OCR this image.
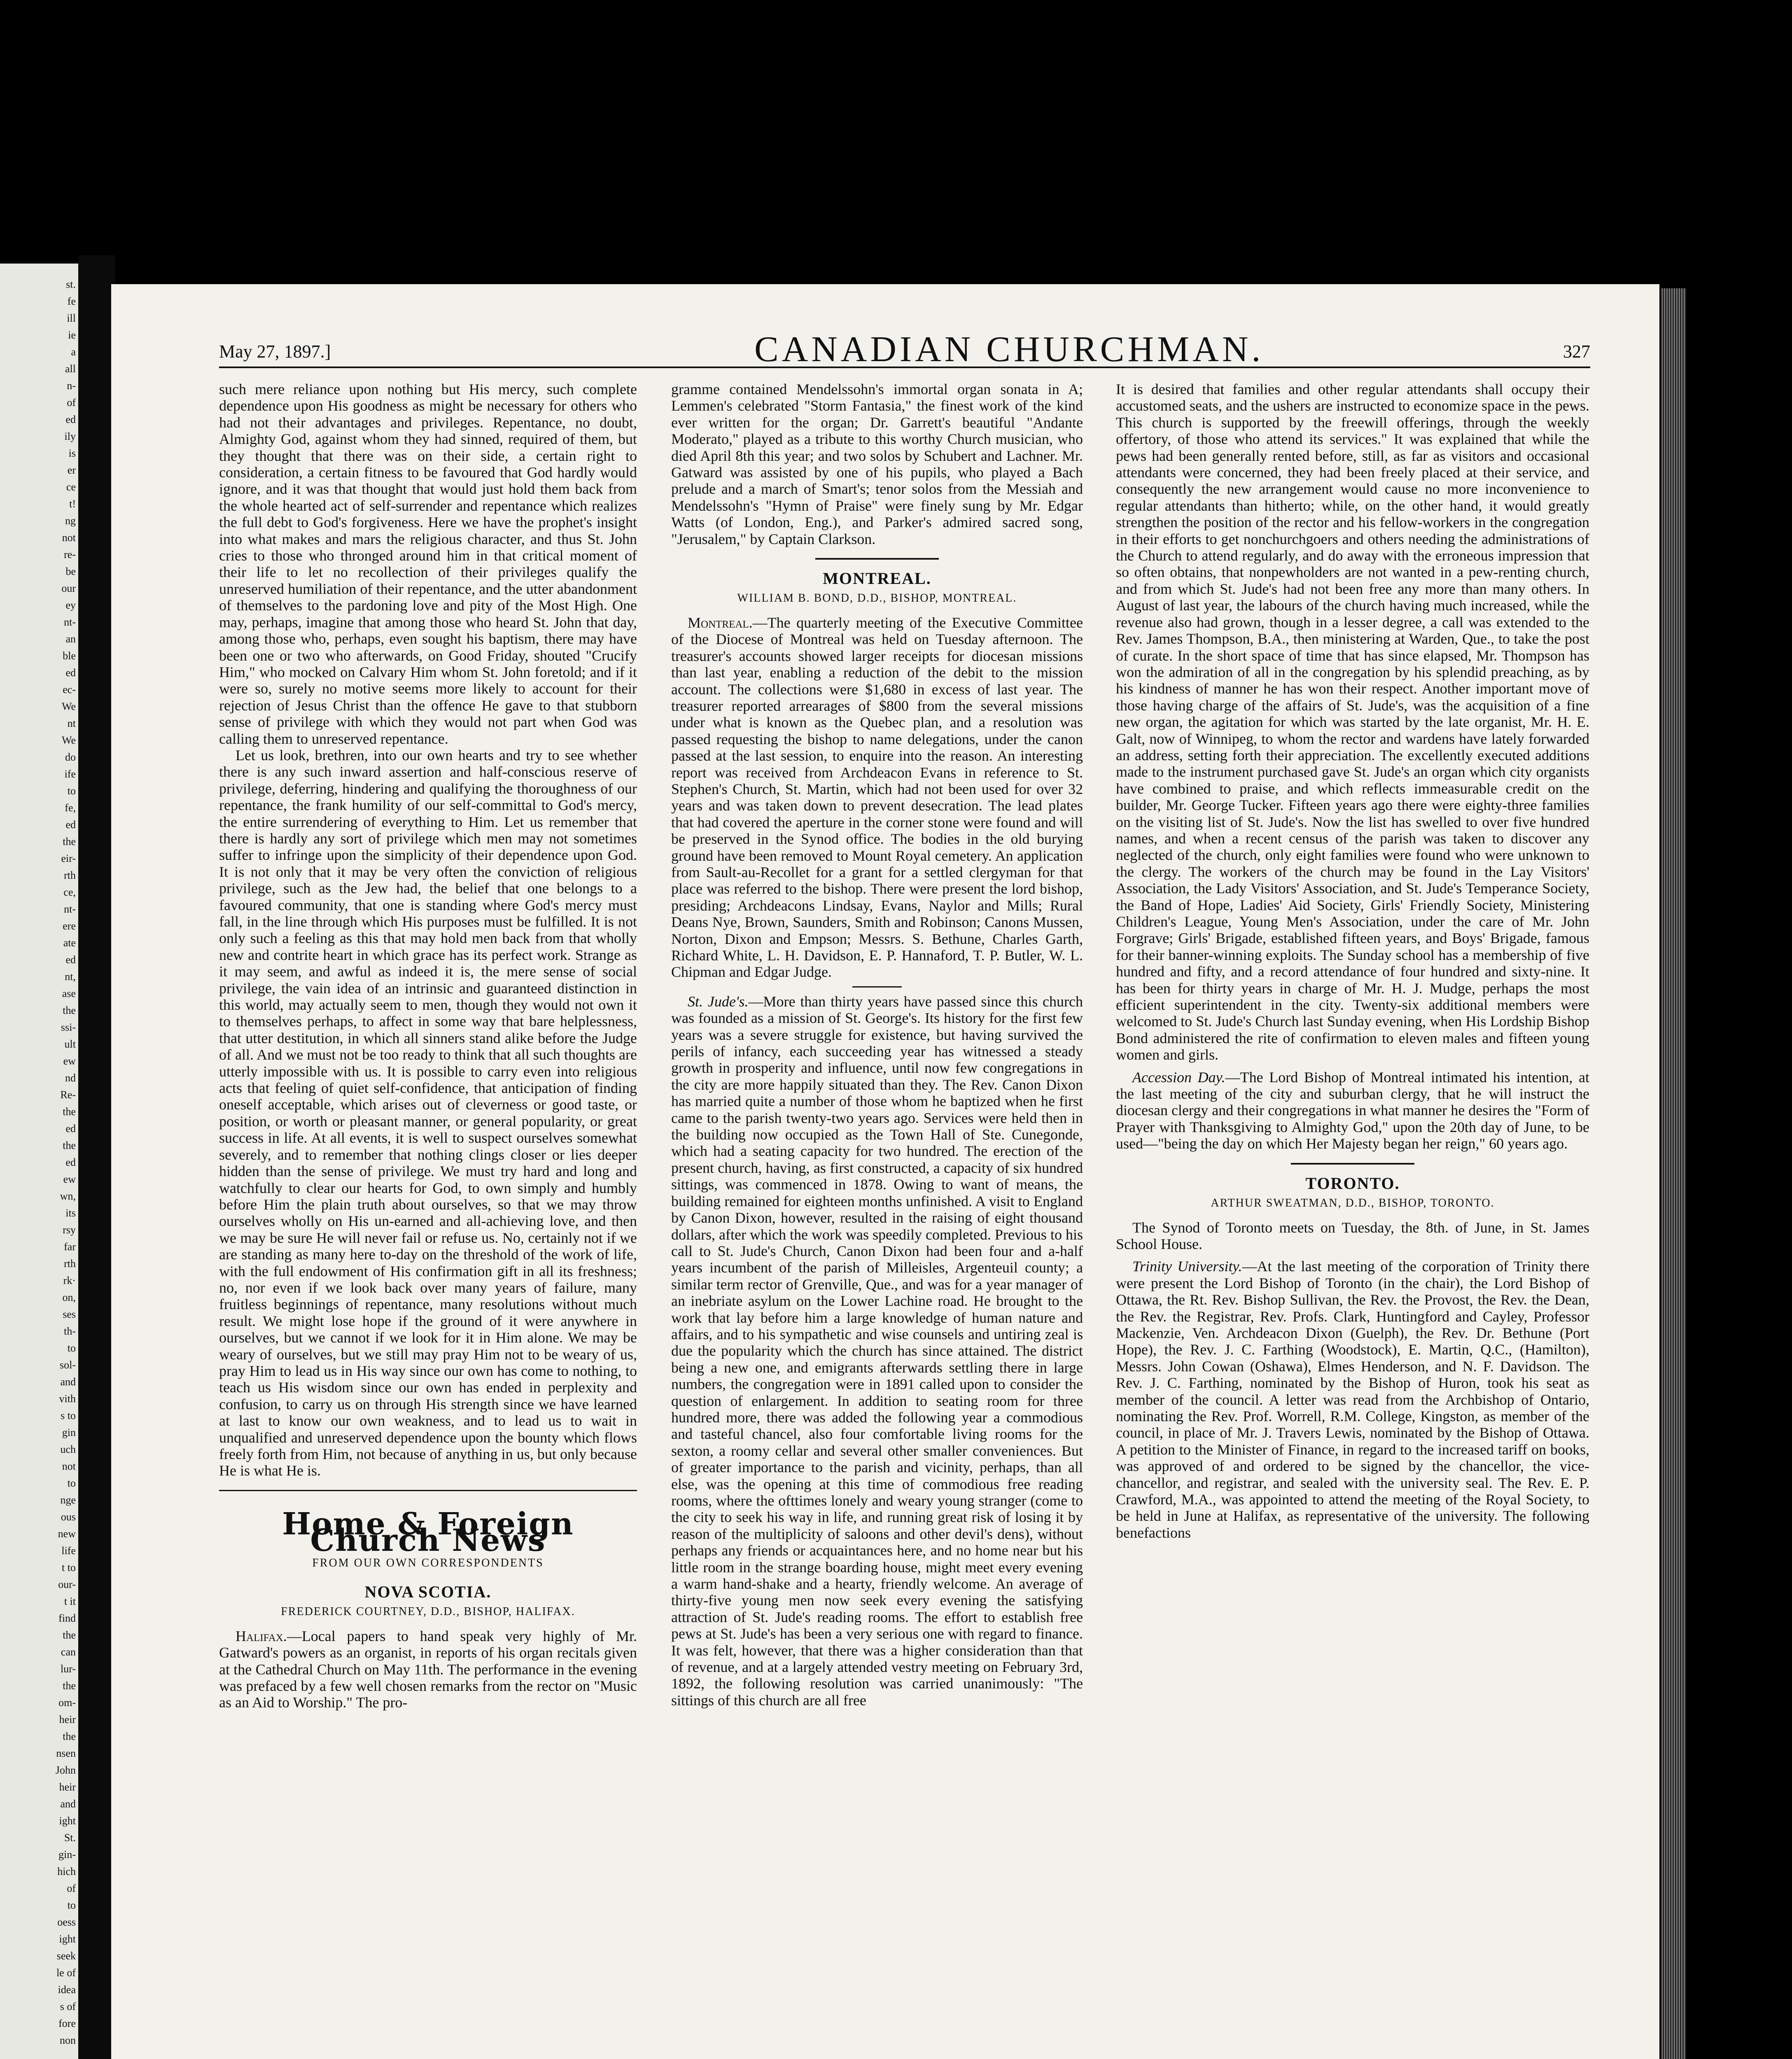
st.
fe
ill
ie
a
all
n-
of
ed
ily
is
er
ce
t!
ng
not
re-
be
our
ey
nt-
an
ble
ed
ec-
We
nt
We
do
ife
to
fe,
ed
the
eir-
rth
ce,
nt-
ere
ate
ed
nt,
ase
the
ssi-
ult
ew
nd
Re-
the
ed
the
ed
ew
wn,
its
rsy
far
rth
rk·
on,
ses
th-
to
sol-
and
vith
s to
gin
uch
not
to
nge
ous
new
life
t to
our-
t it
find
the
can
lur-
the
om-
heir
the
nsen
John
heir
and
ight
St.
gin-
hich
of
to
oess
ight
seek
le of
idea
s of
fore
non
May 27, 1897.]	CANADIAN CHURCHMAN.	327

such mere reliance upon nothing but His mercy, such complete dependence upon His goodness as might be necessary for others who had not their advantages and privileges. Repentance, no doubt, Almighty God, against whom they had sinned, required of them, but they thought that there was on their side, a certain right to consideration, a certain fitness to be favoured that God hardly would ignore, and it was that thought that would just hold them back from the whole hearted act of self-surrender and repentance which realizes the full debt to God's forgiveness. Here we have the prophet's insight into what makes and mars the religious character, and thus St. John cries to those who thronged around him in that critical moment of their life to let no recollection of their privileges qualify the unreserved humiliation of their repentance, and the utter abandonment of themselves to the pardoning love and pity of the Most High. One may, perhaps, imagine that among those who heard St. John that day, among those who, perhaps, even sought his baptism, there may have been one or two who afterwards, on Good Friday, shouted "Crucify Him," who mocked on Calvary Him whom St. John foretold; and if it were so, surely no motive seems more likely to account for their rejection of Jesus Christ than the offence He gave to that stubborn sense of privilege with which they would not part when God was calling them to unreserved repentance.

Let us look, brethren, into our own hearts and try to see whether there is any such inward assertion and half-conscious reserve of privilege, deferring, hindering and qualifying the thoroughness of our repentance, the frank humility of our self-committal to God's mercy, the entire surrendering of everything to Him. Let us remember that there is hardly any sort of privilege which men may not sometimes suffer to infringe upon the simplicity of their dependence upon God. It is not only that it may be very often the conviction of religious privilege, such as the Jew had, the belief that one belongs to a favoured community, that one is standing where God's mercy must fall, in the line through which His purposes must be fulfilled. It is not only such a feeling as this that may hold men back from that wholly new and contrite heart in which grace has its perfect work. Strange as it may seem, and awful as indeed it is, the mere sense of social privilege, the vain idea of an intrinsic and guaranteed distinction in this world, may actually seem to men, though they would not own it to themselves perhaps, to affect in some way that bare helplessness, that utter destitution, in which all sinners stand alike before the Judge of all. And we must not be too ready to think that all such thoughts are utterly impossible with us. It is possible to carry even into religious acts that feeling of quiet self-confidence, that anticipation of finding oneself acceptable, which arises out of cleverness or good taste, or position, or worth or pleasant manner, or general popularity, or great success in life. At all events, it is well to suspect ourselves somewhat severely, and to remember that nothing clings closer or lies deeper hidden than the sense of privilege. We must try hard and long and watchfully to clear our hearts for God, to own simply and humbly before Him the plain truth about ourselves, so that we may throw ourselves wholly on His un-earned and all-achieving love, and then we may be sure He will never fail or refuse us. No, certainly not if we are standing as many here to-day on the threshold of the work of life, with the full endowment of His confirmation gift in all its freshness; no, nor even if we look back over many years of failure, many fruitless beginnings of repentance, many resolutions without much result. We might lose hope if the ground of it were anywhere in ourselves, but we cannot if we look for it in Him alone. We may be weary of ourselves, but we still may pray Him not to be weary of us, pray Him to lead us in His way since our own has come to nothing, to teach us His wisdom since our own has ended in perplexity and confusion, to carry us on through His strength since we have learned at last to know our own weakness, and to lead us to wait in unqualified and unreserved dependence upon the bounty which flows freely forth from Him, not because of anything in us, but only because He is what He is.

Home & Foreign Church News
FROM OUR OWN CORRESPONDENTS
NOVA SCOTIA.
FREDERICK COURTNEY, D.D., BISHOP, HALIFAX.

Halifax.—Local papers to hand speak very highly of Mr. Gatward's powers as an organist, in reports of his organ recitals given at the Cathedral Church on May 11th. The performance in the evening was prefaced by a few well chosen remarks from the rector on "Music as an Aid to Worship." The pro-

gramme contained Mendelssohn's immortal organ sonata in A; Lemmen's celebrated "Storm Fantasia," the finest work of the kind ever written for the organ; Dr. Garrett's beautiful "Andante Moderato," played as a tribute to this worthy Church musician, who died April 8th this year; and two solos by Schubert and Lachner. Mr. Gatward was assisted by one of his pupils, who played a Bach prelude and a march of Smart's; tenor solos from the Messiah and Mendelssohn's "Hymn of Praise" were finely sung by Mr. Edgar Watts (of London, Eng.), and Parker's admired sacred song, "Jerusalem," by Captain Clarkson.

MONTREAL.
WILLIAM B. BOND, D.D., BISHOP, MONTREAL.

Montreal.—The quarterly meeting of the Executive Committee of the Diocese of Montreal was held on Tuesday afternoon. The treasurer's accounts showed larger receipts for diocesan missions than last year, enabling a reduction of the debit to the mission account. The collections were $1,680 in excess of last year. The treasurer reported arrearages of $800 from the several missions under what is known as the Quebec plan, and a resolution was passed requesting the bishop to name delegations, under the canon passed at the last session, to enquire into the reason. An interesting report was received from Archdeacon Evans in reference to St. Stephen's Church, St. Martin, which had not been used for over 32 years and was taken down to prevent desecration. The lead plates that had covered the aperture in the corner stone were found and will be preserved in the Synod office. The bodies in the old burying ground have been removed to Mount Royal cemetery. An application from Sault-au-Recollet for a grant for a settled clergyman for that place was referred to the bishop. There were present the lord bishop, presiding; Archdeacons Lindsay, Evans, Naylor and Mills; Rural Deans Nye, Brown, Saunders, Smith and Robinson; Canons Mussen, Norton, Dixon and Empson; Messrs. S. Bethune, Charles Garth, Richard White, L. H. Davidson, E. P. Hannaford, T. P. Butler, W. L. Chipman and Edgar Judge.

St. Jude's.—More than thirty years have passed since this church was founded as a mission of St. George's. Its history for the first few years was a severe struggle for existence, but having survived the perils of infancy, each succeeding year has witnessed a steady growth in prosperity and influence, until now few congregations in the city are more happily situated than they. The Rev. Canon Dixon has married quite a number of those whom he baptized when he first came to the parish twenty-two years ago. Services were held then in the building now occupied as the Town Hall of Ste. Cunegonde, which had a seating capacity for two hundred. The erection of the present church, having, as first constructed, a capacity of six hundred sittings, was commenced in 1878. Owing to want of means, the building remained for eighteen months unfinished. A visit to England by Canon Dixon, however, resulted in the raising of eight thousand dollars, after which the work was speedily completed. Previous to his call to St. Jude's Church, Canon Dixon had been four and a-half years incumbent of the parish of Milleisles, Argenteuil county; a similar term rector of Grenville, Que., and was for a year manager of an inebriate asylum on the Lower Lachine road. He brought to the work that lay before him a large knowledge of human nature and affairs, and to his sympathetic and wise counsels and untiring zeal is due the popularity which the church has since attained. The district being a new one, and emigrants afterwards settling there in large numbers, the congregation were in 1891 called upon to consider the question of enlargement. In addition to seating room for three hundred more, there was added the following year a commodious and tasteful chancel, also four comfortable living rooms for the sexton, a roomy cellar and several other smaller conveniences. But of greater importance to the parish and vicinity, perhaps, than all else, was the opening at this time of commodious free reading rooms, where the ofttimes lonely and weary young stranger (come to the city to seek his way in life, and running great risk of losing it by reason of the multiplicity of saloons and other devil's dens), without perhaps any friends or acquaintances here, and no home near but his little room in the strange boarding house, might meet every evening a warm hand-shake and a hearty, friendly welcome. An average of thirty-five young men now seek every evening the satisfying attraction of St. Jude's reading rooms. The effort to establish free pews at St. Jude's has been a very serious one with regard to finance. It was felt, however, that there was a higher consideration than that of revenue, and at a largely attended vestry meeting on February 3rd, 1892, the following resolution was carried unanimously: "The sittings of this church are all free

It is desired that families and other regular attendants shall occupy their accustomed seats, and the ushers are instructed to economize space in the pews. This church is supported by the freewill offerings, through the weekly offertory, of those who attend its services." It was explained that while the pews had been generally rented before, still, as far as visitors and occasional attendants were concerned, they had been freely placed at their service, and consequently the new arrangement would cause no more inconvenience to regular attendants than hitherto; while, on the other hand, it would greatly strengthen the position of the rector and his fellow-workers in the congregation in their efforts to get nonchurchgoers and others needing the administrations of the Church to attend regularly, and do away with the erroneous impression that so often obtains, that nonpewholders are not wanted in a pew-renting church, and from which St. Jude's had not been free any more than many others. In August of last year, the labours of the church having much increased, while the revenue also had grown, though in a lesser degree, a call was extended to the Rev. James Thompson, B.A., then ministering at Warden, Que., to take the post of curate. In the short space of time that has since elapsed, Mr. Thompson has won the admiration of all in the congregation by his splendid preaching, as by his kindness of manner he has won their respect. Another important move of those having charge of the affairs of St. Jude's, was the acquisition of a fine new organ, the agitation for which was started by the late organist, Mr. H. E. Galt, now of Winnipeg, to whom the rector and wardens have lately forwarded an address, setting forth their appreciation. The excellently executed additions made to the instrument purchased gave St. Jude's an organ which city organists have combined to praise, and which reflects immeasurable credit on the builder, Mr. George Tucker. Fifteen years ago there were eighty-three families on the visiting list of St. Jude's. Now the list has swelled to over five hundred names, and when a recent census of the parish was taken to discover any neglected of the church, only eight families were found who were unknown to the clergy. The workers of the church may be found in the Lay Visitors' Association, the Lady Visitors' Association, and St. Jude's Temperance Society, the Band of Hope, Ladies' Aid Society, Girls' Friendly Society, Ministering Children's League, Young Men's Association, under the care of Mr. John Forgrave; Girls' Brigade, established fifteen years, and Boys' Brigade, famous for their banner-winning exploits. The Sunday school has a membership of five hundred and fifty, and a record attendance of four hundred and sixty-nine. It has been for thirty years in charge of Mr. H. J. Mudge, perhaps the most efficient superintendent in the city. Twenty-six additional members were welcomed to St. Jude's Church last Sunday evening, when His Lordship Bishop Bond administered the rite of confirmation to eleven males and fifteen young women and girls.

Accession Day.—The Lord Bishop of Montreal intimated his intention, at the last meeting of the city and suburban clergy, that he will instruct the diocesan clergy and their congregations in what manner he desires the "Form of Prayer with Thanksgiving to Almighty God," upon the 20th day of June, to be used—"being the day on which Her Majesty began her reign," 60 years ago.

TORONTO.
ARTHUR SWEATMAN, D.D., BISHOP, TORONTO.

The Synod of Toronto meets on Tuesday, the 8th. of June, in St. James School House.

Trinity University.—At the last meeting of the corporation of Trinity there were present the Lord Bishop of Toronto (in the chair), the Lord Bishop of Ottawa, the Rt. Rev. Bishop Sullivan, the Rev. the Provost, the Rev. the Dean, the Rev. the Registrar, Rev. Profs. Clark, Huntingford and Cayley, Professor Mackenzie, Ven. Archdeacon Dixon (Guelph), the Rev. Dr. Bethune (Port Hope), the Rev. J. C. Farthing (Woodstock), E. Martin, Q.C., (Hamilton), Messrs. John Cowan (Oshawa), Elmes Henderson, and N. F. Davidson. The Rev. J. C. Farthing, nominated by the Bishop of Huron, took his seat as member of the council. A letter was read from the Archbishop of Ontario, nominating the Rev. Prof. Worrell, R.M. College, Kingston, as member of the council, in place of Mr. J. Travers Lewis, nominated by the Bishop of Ottawa. A petition to the Minister of Finance, in regard to the increased tariff on books, was approved of and ordered to be signed by the chancellor, the vice-chancellor, and registrar, and sealed with the university seal. The Rev. E. P. Crawford, M.A., was appointed to attend the meeting of the Royal Society, to be held in June at Halifax, as representative of the university. The following benefactions
